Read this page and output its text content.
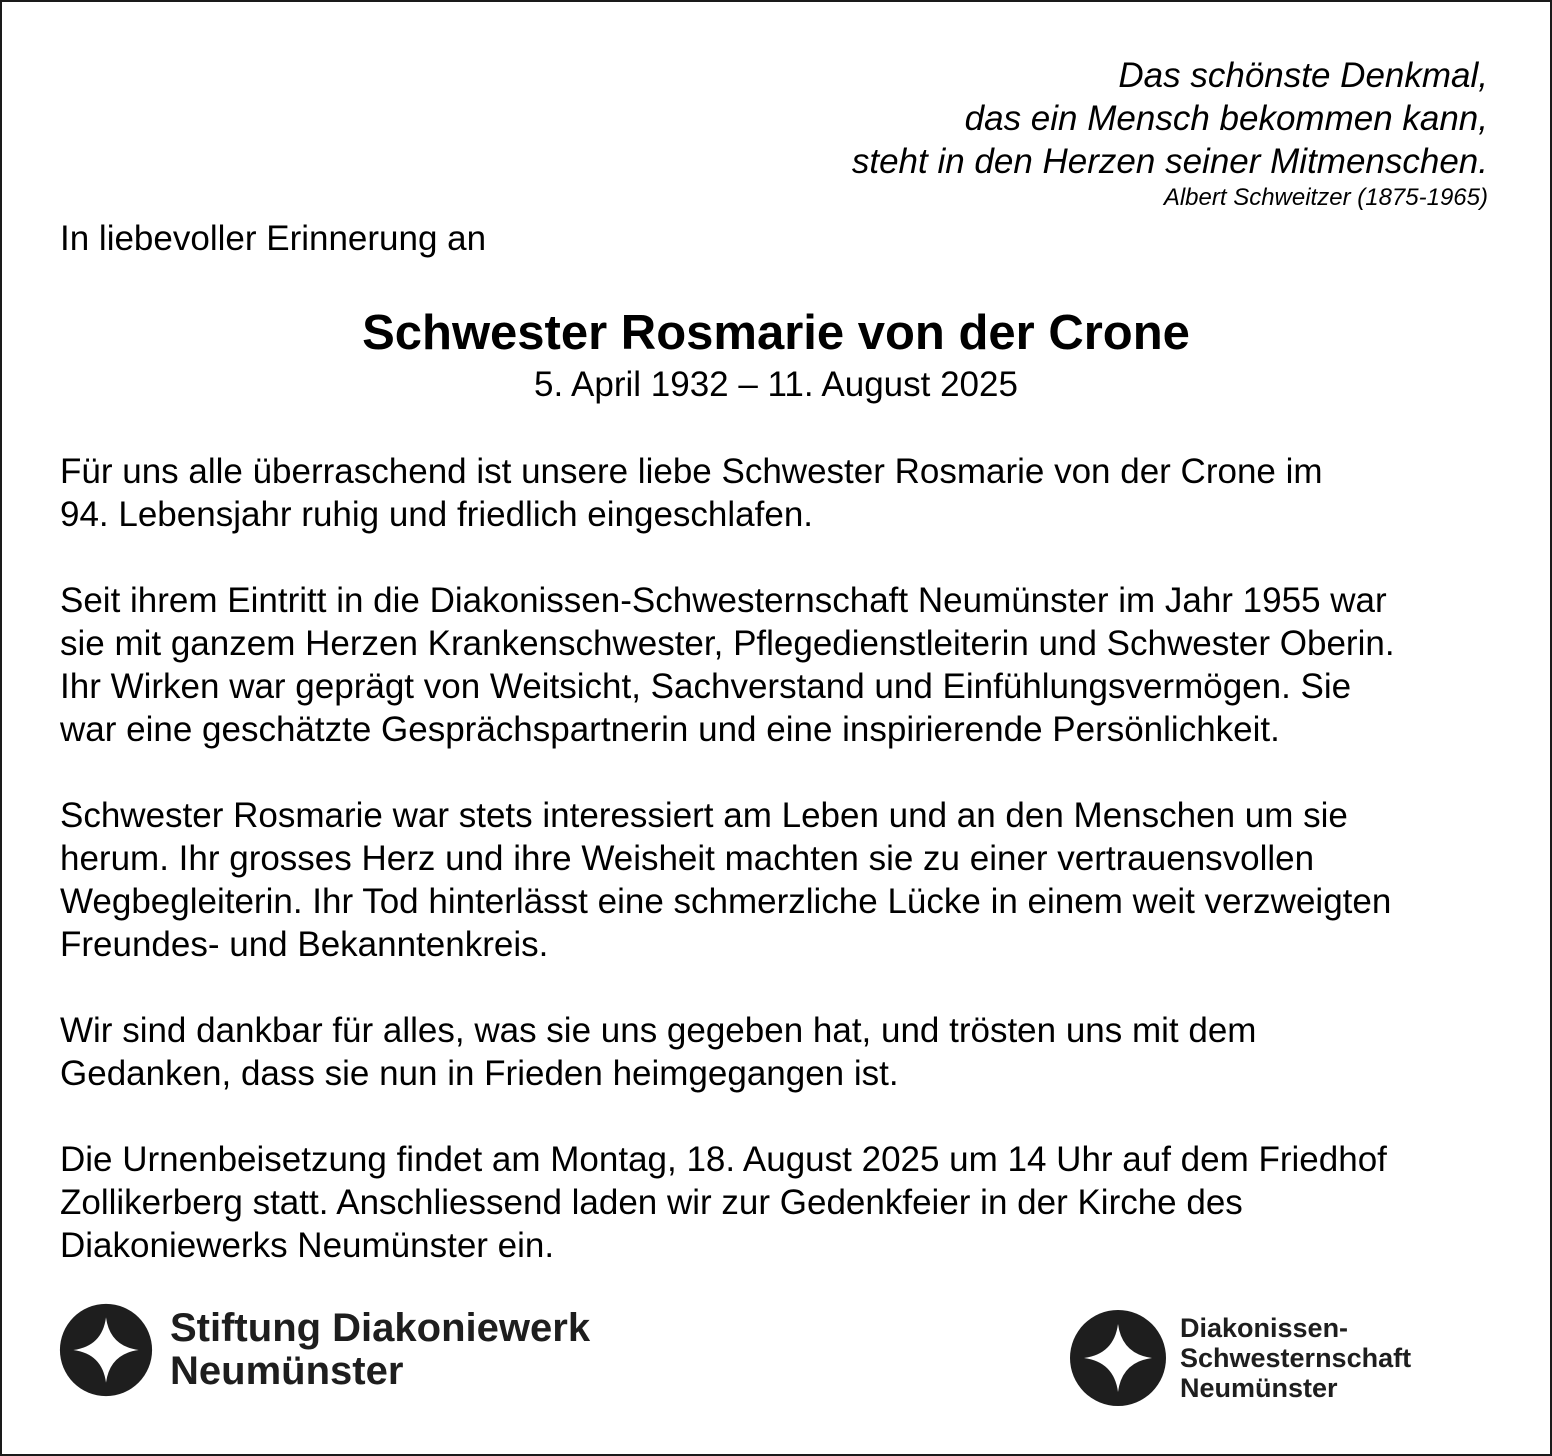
Das schönste Denkmal,
das ein Mensch bekommen kann,
steht in den Herzen seiner Mitmenschen.
Albert Schweitzer (1875-1965)
In liebevoller Erinnerung an
Schwester Rosmarie von der Crone
5. April 1932 – 11. August 2025

Für uns alle überraschend ist unsere liebe Schwester Rosmarie von der Crone im
94. Lebensjahr ruhig und friedlich eingeschlafen.

Seit ihrem Eintritt in die Diakonissen-Schwesternschaft Neumünster im Jahr 1955 war
sie mit ganzem Herzen Krankenschwester, Pflegedienstleiterin und Schwester Oberin.
Ihr Wirken war geprägt von Weitsicht, Sachverstand und Einfühlungsvermögen. Sie
war eine geschätzte Gesprächspartnerin und eine inspirierende Persönlichkeit.

Schwester Rosmarie war stets interessiert am Leben und an den Menschen um sie
herum. Ihr grosses Herz und ihre Weisheit machten sie zu einer vertrauensvollen
Wegbegleiterin. Ihr Tod hinterlässt eine schmerzliche Lücke in einem weit verzweigten
Freundes- und Bekanntenkreis.

Wir sind dankbar für alles, was sie uns gegeben hat, und trösten uns mit dem
Gedanken, dass sie nun in Frieden heimgegangen ist.

Die Urnenbeisetzung findet am Montag, 18. August 2025 um 14 Uhr auf dem Friedhof
Zollikerberg statt. Anschliessend laden wir zur Gedenkfeier in der Kirche des
Diakoniewerks Neumünster ein.

Stiftung Diakoniewerk
Neumünster
Diakonissen-
Schwesternschaft
Neumünster
